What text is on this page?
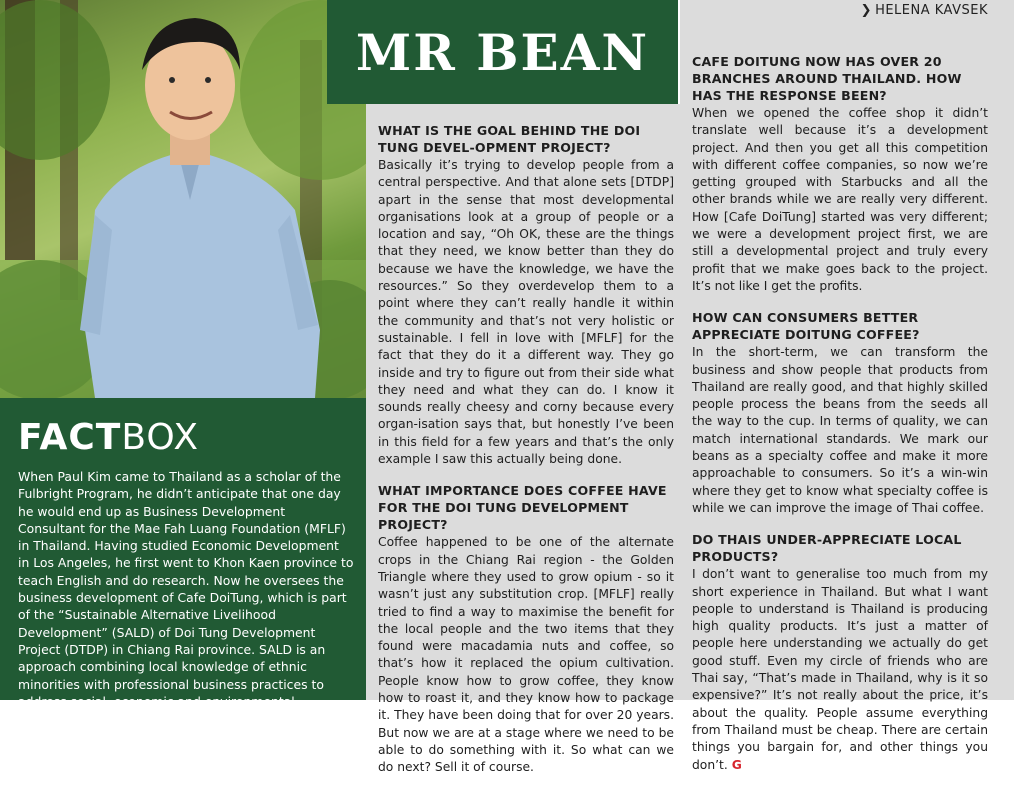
FACTBOX
When Paul Kim came to Thailand as a scholar of the Fulbright Program, he didn’t anticipate that one day he would end up as Business Development Consultant for the Mae Fah Luang Foundation (MFLF) in Thailand. Having studied Economic Development in Los Angeles, he first went to Khon Kaen province to teach English and do research. Now he oversees the business development of Cafe DoiTung, which is part of the “Sustainable Alternative Livelihood Development” (SALD) of Doi Tung Development Project (DTDP) in Chiang Rai province. SALD is an approach combining local knowledge of ethnic minorities with professional business practices to address social, economic and environmental problems.
MR BEAN
❯ HELENA KAVSEK
WHAT IS THE GOAL BEHIND THE DOI TUNG DEVEL-OPMENT PROJECT?
Basically it’s trying to develop people from a central perspective. And that alone sets [DTDP] apart in the sense that most developmental organisations look at a group of people or a location and say, “Oh OK, these are the things that they need, we know better than they do because we have the knowledge, we have the resources.” So they overdevelop them to a point where they can’t really handle it within the community and that’s not very holistic or sustainable. I fell in love with [MFLF] for the fact that they do it a different way. They go inside and try to figure out from their side what they need and what they can do. I know it sounds really cheesy and corny because every organ-isation says that, but honestly I’ve been in this field for a few years and that’s the only example I saw this actually being done.
WHAT IMPORTANCE DOES COFFEE HAVE FOR THE DOI TUNG DEVELOPMENT PROJECT?
Coffee happened to be one of the alternate crops in the Chiang Rai region - the Golden Triangle where they used to grow opium - so it wasn’t just any substitution crop. [MFLF] really tried to find a way to maximise the benefit for the local people and the two items that they found were macadamia nuts and coffee, so that’s how it replaced the opium cultivation. People know how to grow coffee, they know how to roast it, and they know how to package it. They have been doing that for over 20 years. But now we are at a stage where we need to be able to do something with it. So what can we do next? Sell it of course.
CAFE DOITUNG NOW HAS OVER 20 BRANCHES AROUND THAILAND. HOW HAS THE RESPONSE BEEN?
When we opened the coffee shop it didn’t translate well because it’s a development project. And then you get all this competition with different coffee companies, so now we’re getting grouped with Starbucks and all the other brands while we are really very different. How [Cafe DoiTung] started was very different; we were a development project first, we are still a developmental project and truly every profit that we make goes back to the project. It’s not like I get the profits.
HOW CAN CONSUMERS BETTER APPRECIATE DOITUNG COFFEE?
In the short-term, we can transform the business and show people that products from Thailand are really good, and that highly skilled people process the beans from the seeds all the way to the cup. In terms of quality, we can match international standards. We mark our beans as a specialty coffee and make it more approachable to consumers. So it’s a win-win where they get to know what specialty coffee is while we can improve the image of Thai coffee.
DO THAIS UNDER-APPRECIATE LOCAL PRODUCTS?
I don’t want to generalise too much from my short experience in Thailand. But what I want people to understand is Thailand is producing high quality products. It’s just a matter of people here understanding we actually do get good stuff. Even my circle of friends who are Thai say, “That’s made in Thailand, why is it so expensive?” It’s not really about the price, it’s about the quality. People assume everything from Thailand must be cheap. There are certain things you bargain for, and other things you don’t. G
